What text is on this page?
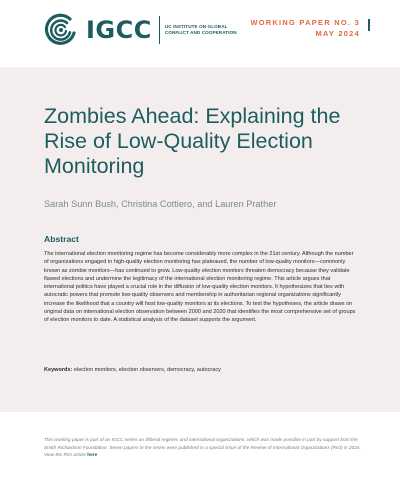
IGCC	UC INSTITUTE ON GLOBAL CONFLICT AND COOPERATION
WORKING PAPER NO. 3
MAY 2024
Zombies Ahead: Explaining the Rise of Low-Quality Election Monitoring
Sarah Sunn Bush, Christina Cottiero, and Lauren Prather
Abstract

The international election monitoring regime has become considerably more complex in the 21st century. Although the number of organizations engaged in high-quality election monitoring has plateaued, the number of low-quality monitors—commonly known as zombie monitors—has continued to grow. Low-quality election monitors threaten democracy because they validate flawed elections and undermine the legitimacy of the international election monitoring regime. This article argues that international politics have played a crucial role in the diffusion of low-quality election monitors. It hypothesizes that ties with autocratic powers that promote low-quality observers and membership in authoritarian regional organizations significantly increase the likelihood that a country will host low-quality monitors at its elections. To test the hypotheses, the article draws on original data on international election observation between 2000 and 2020 that identifies the most comprehensive set of groups of election monitors to date. A statistical analysis of the dataset supports the argument.

Keywords: election monitors, election observers, democracy, autocracy

This working paper is part of an IGCC series on illiberal regimes and international organizations, which was made possible in part by support from the Smith Richardson Foundation. Seven papers in the series were published in a special issue of the Review of International Organizations (RIO) in 2024. View the RIO article here
